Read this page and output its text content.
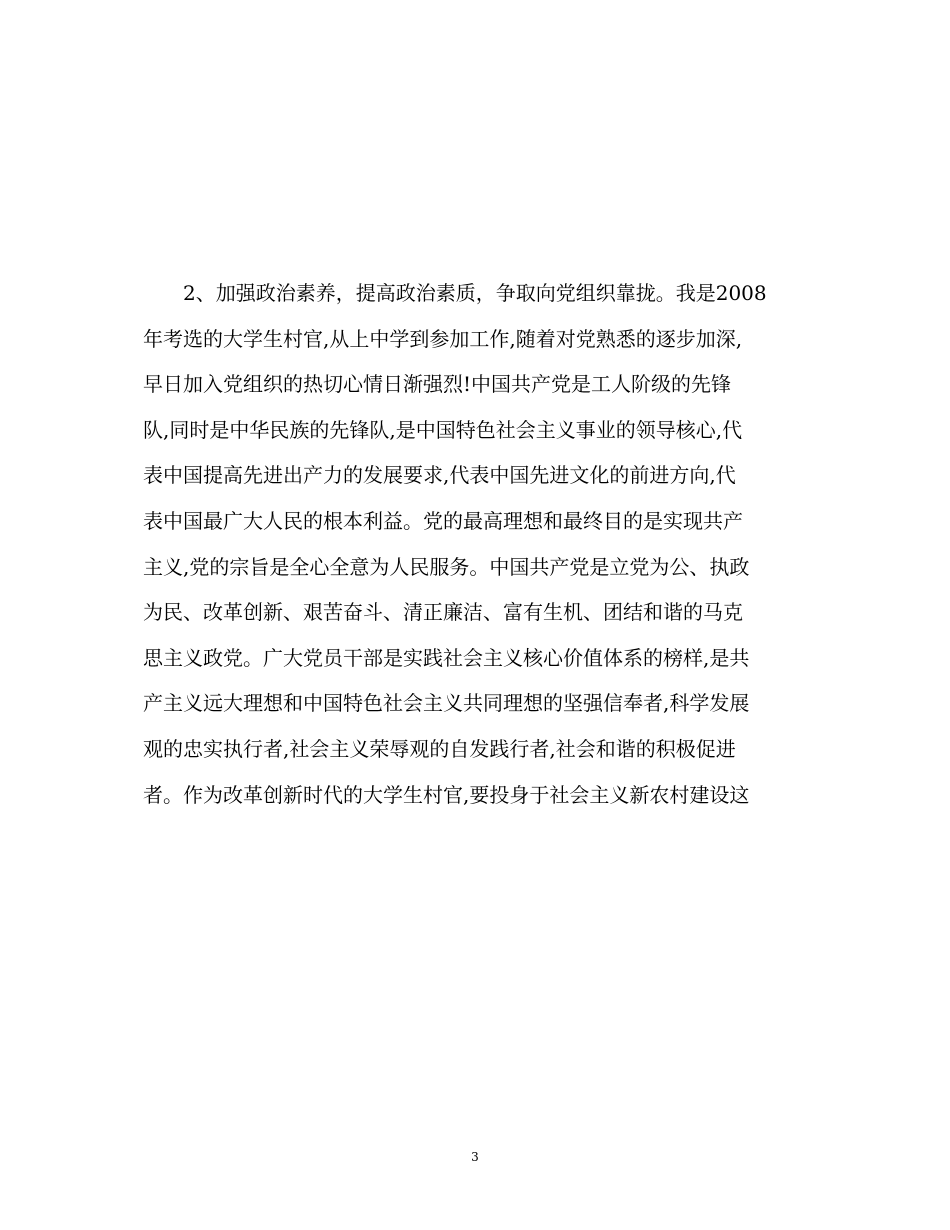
2、加强政治素养，提高政治素质，争取向党组织靠拢。我是2008
年考选的大学生村官,从上中学到参加工作,随着对党熟悉的逐步加深,
早日加入党组织的热切心情日渐强烈!中国共产党是工人阶级的先锋
队,同时是中华民族的先锋队,是中国特色社会主义事业的领导核心,代
表中国提高先进出产力的发展要求,代表中国先进文化的前进方向,代
表中国最广大人民的根本利益。党的最高理想和最终目的是实现共产
主义,党的宗旨是全心全意为人民服务。中国共产党是立党为公、执政
为民、改革创新、艰苦奋斗、清正廉洁、富有生机、团结和谐的马克
思主义政党。广大党员干部是实践社会主义核心价值体系的榜样,是共
产主义远大理想和中国特色社会主义共同理想的坚强信奉者,科学发展
观的忠实执行者,社会主义荣辱观的自发践行者,社会和谐的积极促进
者。作为改革创新时代的大学生村官,要投身于社会主义新农村建设这
3
